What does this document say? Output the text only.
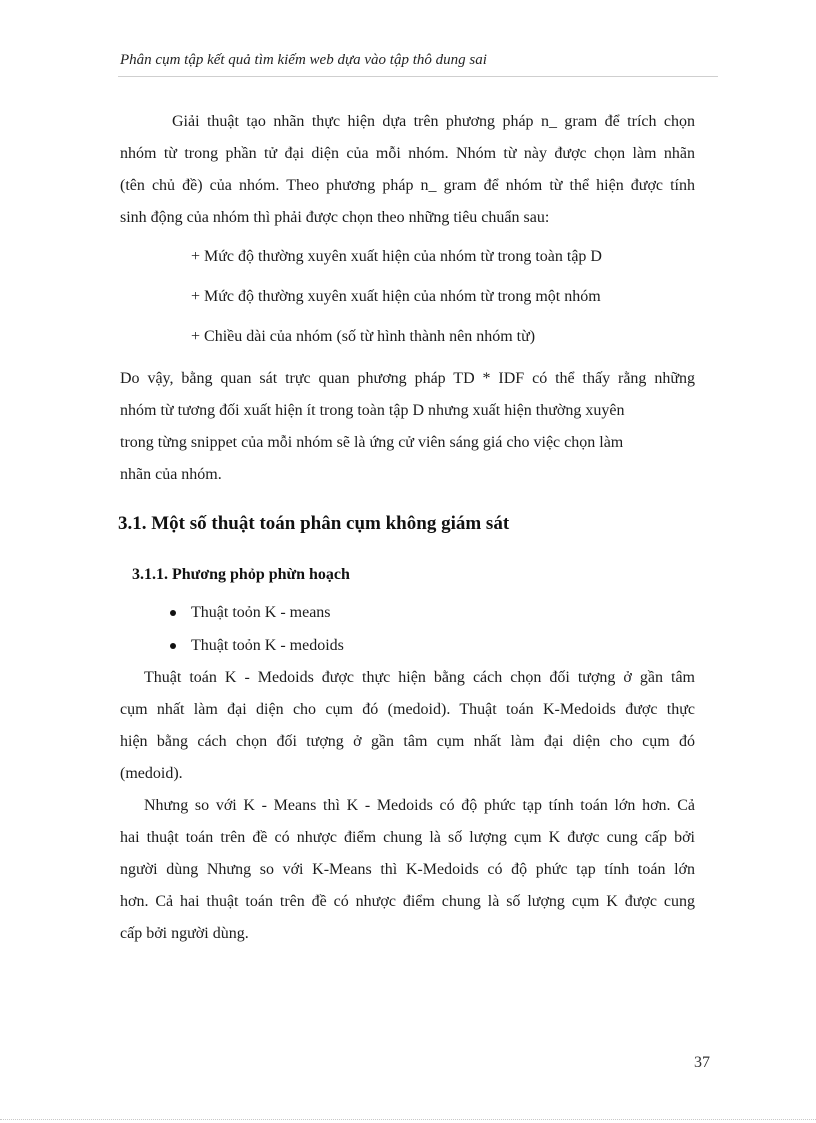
Phân cụm tập kết quả tìm kiếm web dựa vào tập thô dung sai
Giải thuật tạo nhãn thực hiện dựa trên phương pháp n_ gram để trích chọn
nhóm từ trong phần tử đại diện của mỗi nhóm. Nhóm từ này được chọn làm nhãn
(tên chủ đề) của nhóm. Theo phương pháp n_ gram để nhóm từ thể hiện được tính
sinh động của nhóm thì phải được chọn theo những tiêu chuẩn sau:
+ Mức độ thường xuyên xuất hiện của nhóm từ trong toàn tập D
+ Mức độ thường xuyên xuất hiện của nhóm từ trong một nhóm
+ Chiều dài của nhóm (số từ hình thành nên nhóm từ)
Do vậy, bằng quan sát trực quan phương pháp TD * IDF có thể thấy rằng những
nhóm từ tương đối xuất hiện ít trong toàn tập D nhưng xuất hiện thường xuyên
trong từng snippet của mỗi nhóm sẽ là ứng cử viên sáng giá cho việc chọn làm
nhãn của nhóm.
3.1. Một số thuật toán phân cụm không giám sát
3.1.1. Phương phỏp phừn hoạch
Thuật toỏn K - means
Thuật toỏn K - medoids
Thuật toán K - Medoids được thực hiện bằng cách chọn đối tượng ở gần tâm
cụm nhất làm đại diện cho cụm đó (medoid). Thuật toán K-Medoids được thực
hiện bằng cách chọn đối tượng ở gần tâm cụm nhất làm đại diện cho cụm đó
(medoid).
Nhưng so với K - Means thì K - Medoids có độ phức tạp tính toán lớn hơn. Cả
hai thuật toán trên đề có nhược điểm chung là số lượng cụm K được cung cấp bởi
người dùng Nhưng so với K-Means thì K-Medoids có độ phức tạp tính toán lớn
hơn. Cả hai thuật toán trên đề có nhược điểm chung là số lượng cụm K được cung
cấp bởi người dùng.
37
